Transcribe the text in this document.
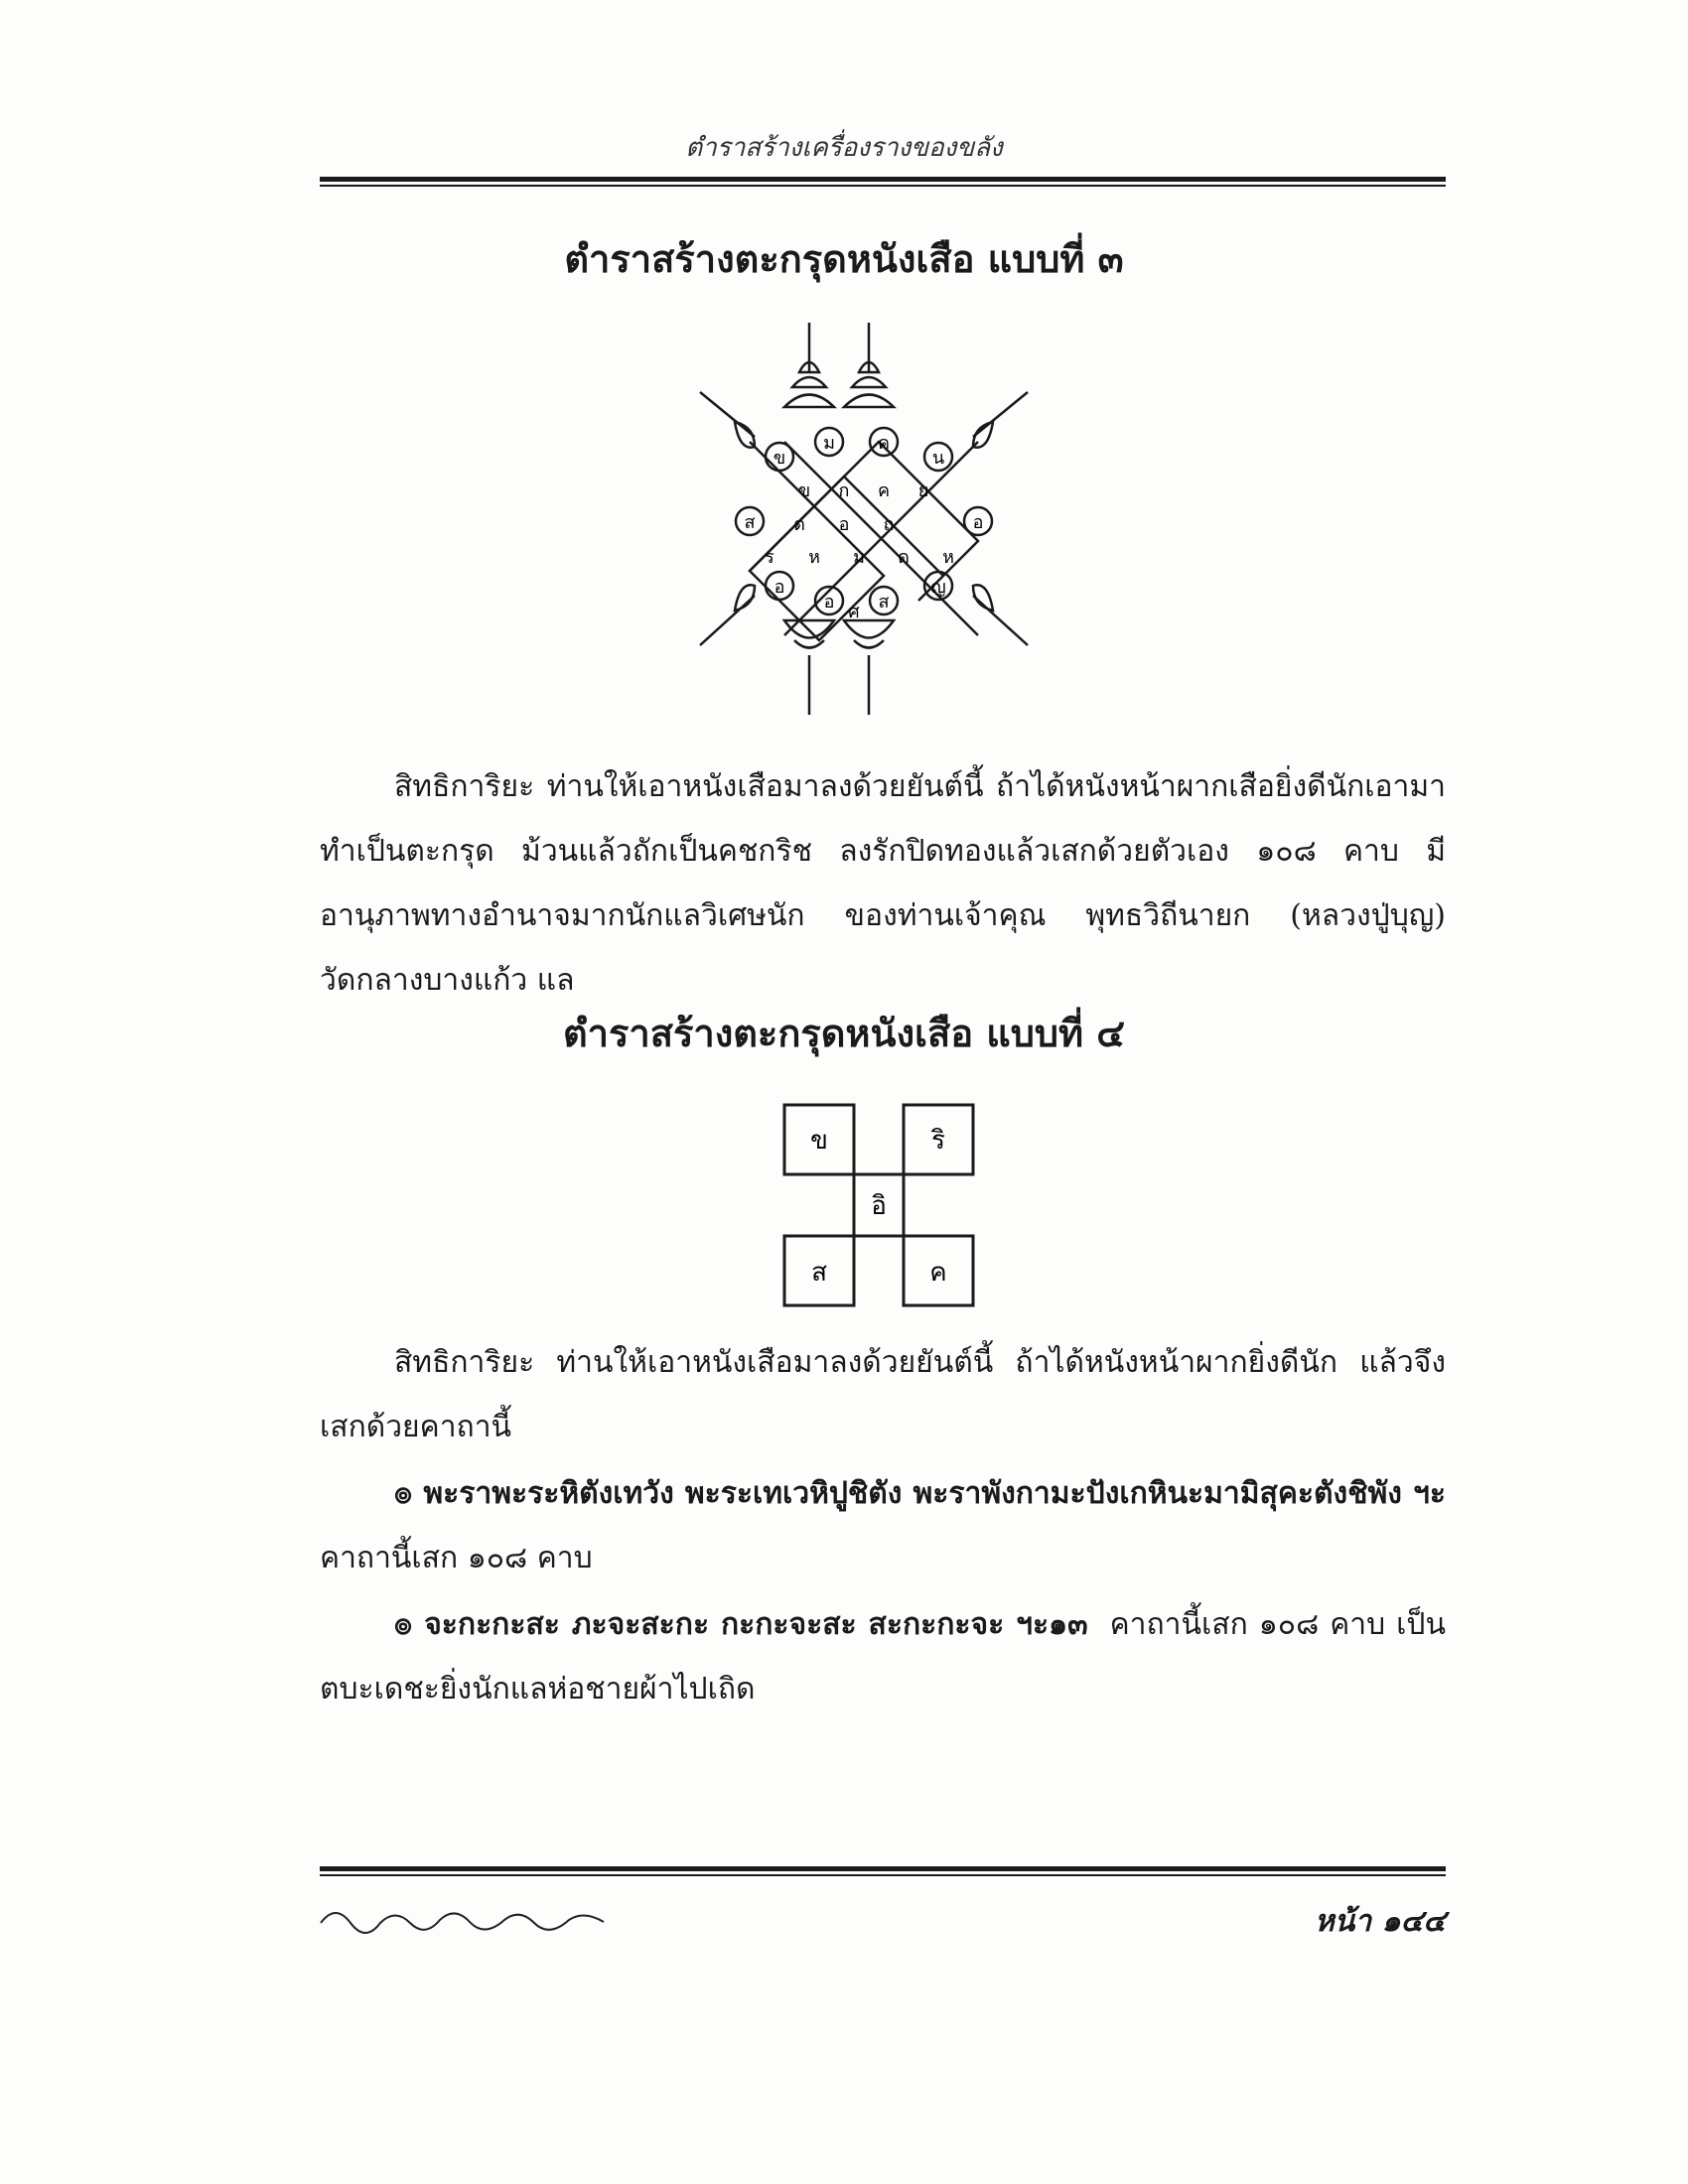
ตำราสร้างเครื่องรางของขลัง
ตำราสร้างตะกรุดหนังเสือ แบบที่ ๓
ข
ม ค
น
ข ก ค ย
ส ต อ ถ	อ
ร ห ม ด ห
อ
อ ส
ญ
ศ
สิทธิการิยะ ท่านให้เอาหนังเสือมาลงด้วยยันต์นี้ ถ้าได้หนังหน้าผากเสือยิ่งดีนักเอามาทำเป็นตะกรุด ม้วนแล้วถักเป็นคชกริช ลงรักปิดทองแล้วเสกด้วยตัวเอง ๑๐๘ คาบ มีอานุภาพทางอำนาจมากนักแลวิเศษนัก ของท่านเจ้าคุณ พุทธวิถีนายก (หลวงปู่บุญ) วัดกลางบางแก้ว แล
ตำราสร้างตะกรุดหนังเสือ แบบที่ ๔
ข	ริ
อิ
ส	ค
สิทธิการิยะ ท่านให้เอาหนังเสือมาลงด้วยยันต์นี้ ถ้าได้หนังหน้าผากยิ่งดีนัก แล้วจึงเสกด้วยคาถานี้
๏ พะราพะระหิตังเทวัง พะระเทเวหิปูชิตัง พะราพังกามะปังเกหินะมามิสุคะตังชิพัง ฯะ คาถานี้เสก ๑๐๘ คาบ
๏ จะกะกะสะ ภะจะสะกะ กะกะจะสะ สะกะกะจะ ฯะ๑๓ คาถานี้เสก ๑๐๘ คาบ เป็นตบะเดชะยิ่งนักแลห่อชายผ้าไปเถิด
หน้า ๑๔๔
